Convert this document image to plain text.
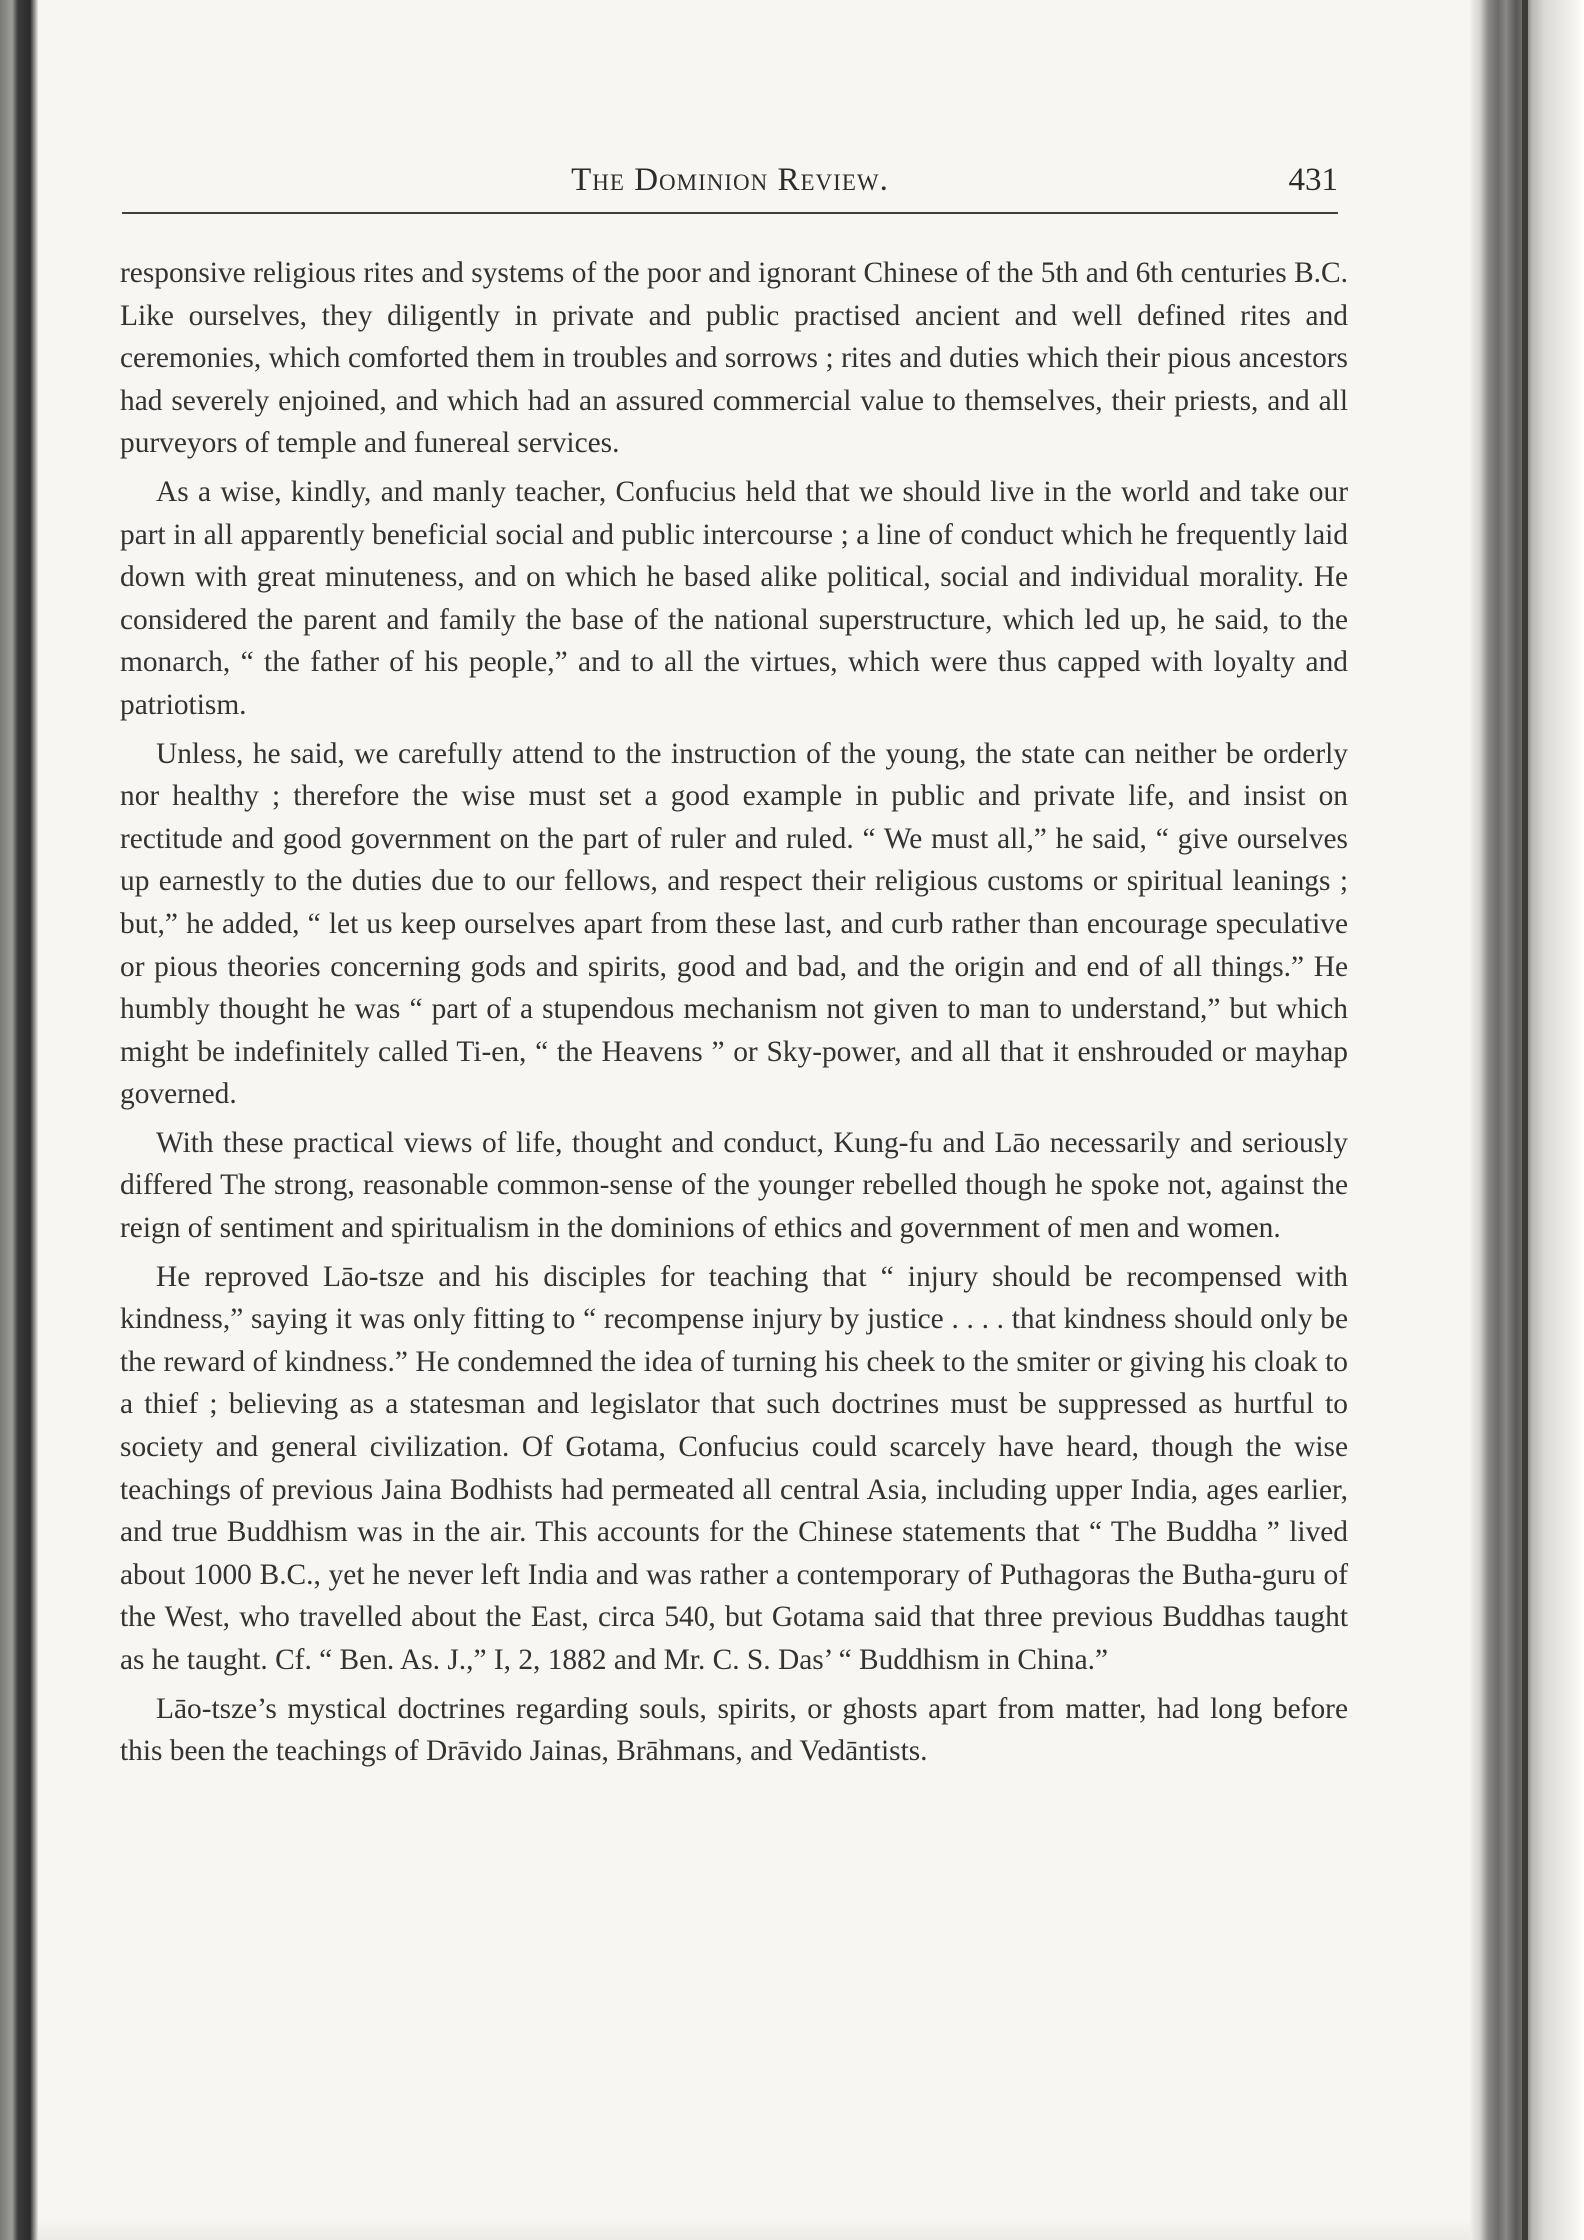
The Dominion Review.	431

responsive religious rites and systems of the poor and ignorant Chinese of the 5th and 6th centuries B.C. Like ourselves, they diligently in private and public practised ancient and well defined rites and ceremonies, which comforted them in troubles and sorrows ; rites and duties which their pious ancestors had severely enjoined, and which had an assured commercial value to themselves, their priests, and all purveyors of temple and funereal services.

As a wise, kindly, and manly teacher, Confucius held that we should live in the world and take our part in all apparently beneficial social and public intercourse ; a line of conduct which he frequently laid down with great minuteness, and on which he based alike political, social and individual morality. He considered the parent and family the base of the national superstructure, which led up, he said, to the monarch, “ the father of his people,” and to all the virtues, which were thus capped with loyalty and patriotism.

Unless, he said, we carefully attend to the instruction of the young, the state can neither be orderly nor healthy ; therefore the wise must set a good example in public and private life, and insist on rectitude and good government on the part of ruler and ruled. “ We must all,” he said, “ give ourselves up earnestly to the duties due to our fellows, and respect their religious customs or spiritual leanings ; but,” he added, “ let us keep ourselves apart from these last, and curb rather than encourage speculative or pious theories concerning gods and spirits, good and bad, and the origin and end of all things.” He humbly thought he was “ part of a stupendous mechanism not given to man to understand,” but which might be indefinitely called Ti-en, “ the Heavens ” or Sky-power, and all that it enshrouded or mayhap governed.

With these practical views of life, thought and conduct, Kung-fu and Lāo necessarily and seriously differed The strong, reasonable common-sense of the younger rebelled though he spoke not, against the reign of sentiment and spiritualism in the dominions of ethics and government of men and women.

He reproved Lāo-tsze and his disciples for teaching that “ injury should be recompensed with kindness,” saying it was only fitting to “ recompense injury by justice . . . . that kindness should only be the reward of kindness.” He condemned the idea of turning his cheek to the smiter or giving his cloak to a thief ; believing as a statesman and legislator that such doctrines must be suppressed as hurtful to society and general civilization. Of Gotama, Confucius could scarcely have heard, though the wise teachings of previous Jaina Bodhists had permeated all central Asia, including upper India, ages earlier, and true Buddhism was in the air. This accounts for the Chinese statements that “ The Buddha ” lived about 1000 B.C., yet he never left India and was rather a contemporary of Puthagoras the Butha-guru of the West, who travelled about the East, circa 540, but Gotama said that three previous Buddhas taught as he taught. Cf. “ Ben. As. J.,” I, 2, 1882 and Mr. C. S. Das’ “ Buddhism in China.”

Lāo-tsze’s mystical doctrines regarding souls, spirits, or ghosts apart from matter, had long before this been the teachings of Drāvido Jainas, Brāhmans, and Vedāntists.
